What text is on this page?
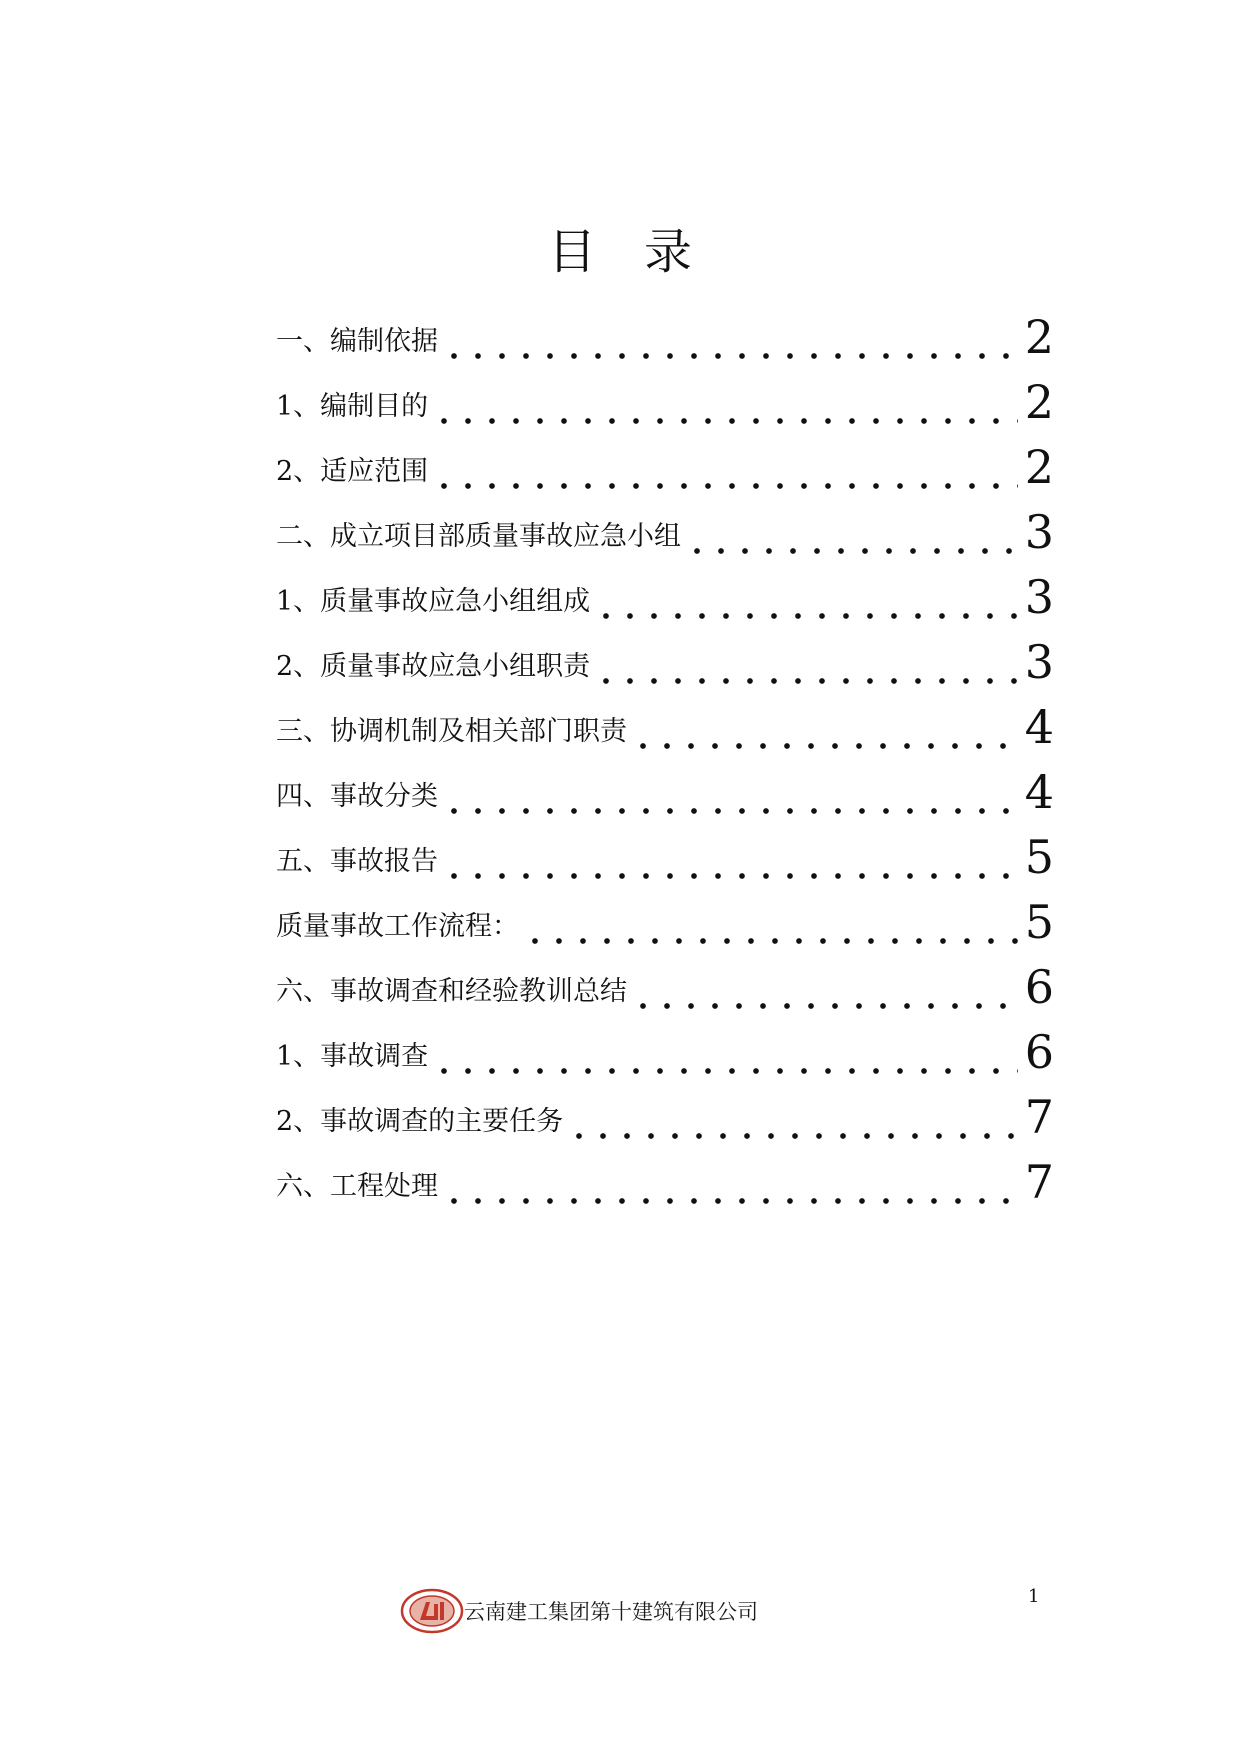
目　录
一、编制依据	2
1、编制目的	2
2、适应范围	2
二、成立项目部质量事故应急小组	3
1、质量事故应急小组组成	3
2、质量事故应急小组职责	3
三、协调机制及相关部门职责	4
四、事故分类	4
五、事故报告	5
质量事故工作流程：	5
六、事故调查和经验教训总结	6
1、事故调查	6
2、事故调查的主要任务	7
六、工程处理	7
云南建工集团第十建筑有限公司
1
